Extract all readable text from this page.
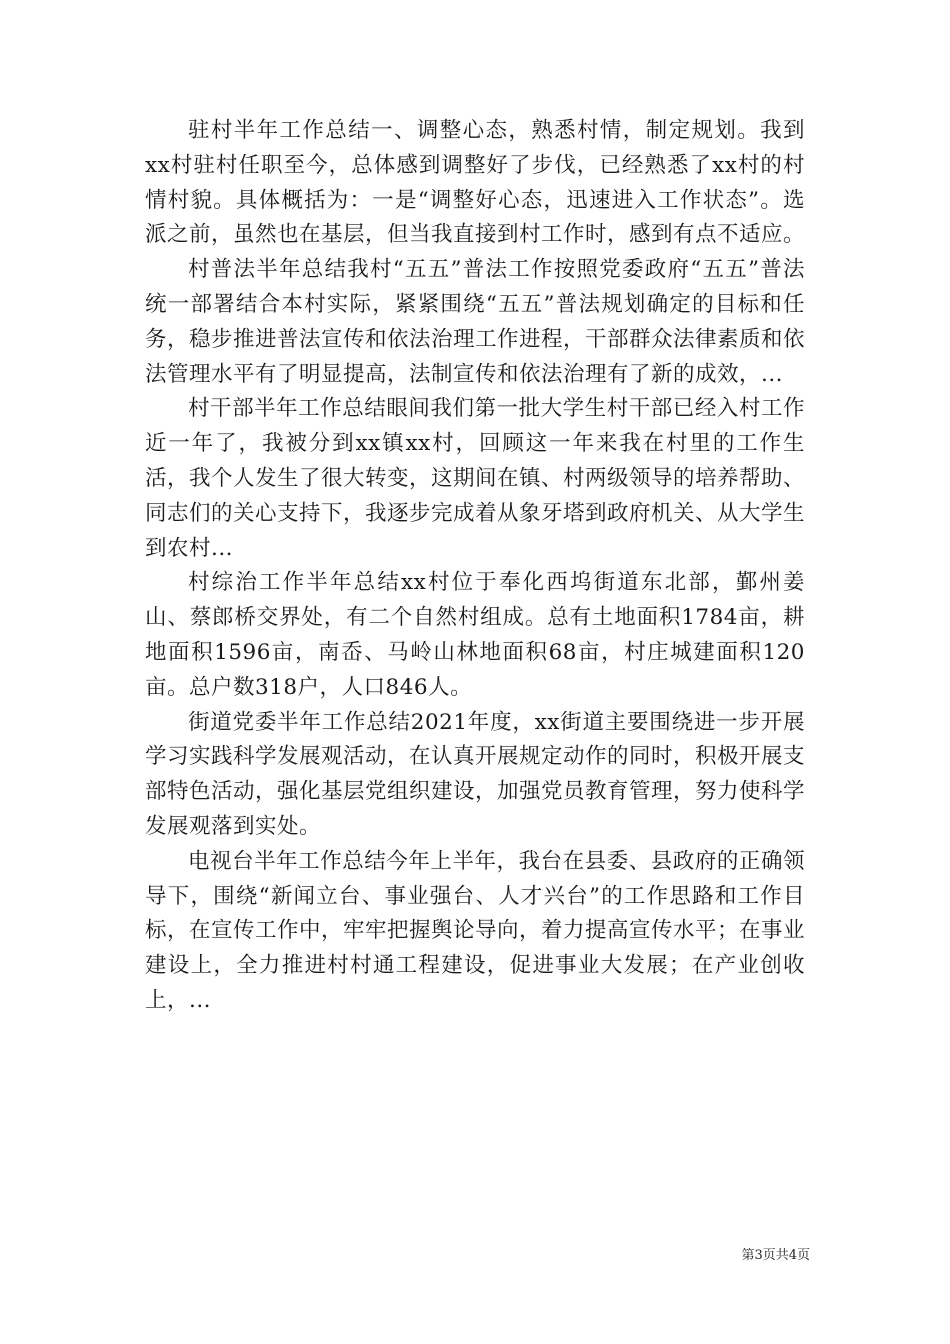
驻村半年工作总结一、调整心态，熟悉村情，制定规划。我到xx村驻村任职至今，总体感到调整好了步伐，已经熟悉了xx村的村情村貌。具体概括为：一是“调整好心态，迅速进入工作状态”。选派之前，虽然也在基层，但当我直接到村工作时，感到有点不适应。

村普法半年总结我村“五五”普法工作按照党委政府“五五”普法统一部署结合本村实际，紧紧围绕“五五”普法规划确定的目标和任务，稳步推进普法宣传和依法治理工作进程，干部群众法律素质和依法管理水平有了明显提高，法制宣传和依法治理有了新的成效，...

村干部半年工作总结眼间我们第一批大学生村干部已经入村工作近一年了，我被分到xx镇xx村，回顾这一年来我在村里的工作生活，我个人发生了很大转变，这期间在镇、村两级领导的培养帮助、同志们的关心支持下，我逐步完成着从象牙塔到政府机关、从大学生到农村...

村综治工作半年总结xx村位于奉化西坞街道东北部，鄞州姜山、蔡郎桥交界处，有二个自然村组成。总有土地面积1784亩，耕地面积1596亩，南岙、马岭山林地面积68亩，村庄城建面积120亩。总户数318户，人口846人。

街道党委半年工作总结2021年度，xx街道主要围绕进一步开展学习实践科学发展观活动，在认真开展规定动作的同时，积极开展支部特色活动，强化基层党组织建设，加强党员教育管理，努力使科学发展观落到实处。

电视台半年工作总结今年上半年，我台在县委、县政府的正确领导下，围绕“新闻立台、事业强台、人才兴台”的工作思路和工作目标，在宣传工作中，牢牢把握舆论导向，着力提高宣传水平；在事业建设上，全力推进村村通工程建设，促进事业大发展；在产业创收上，...

第3页共4页
